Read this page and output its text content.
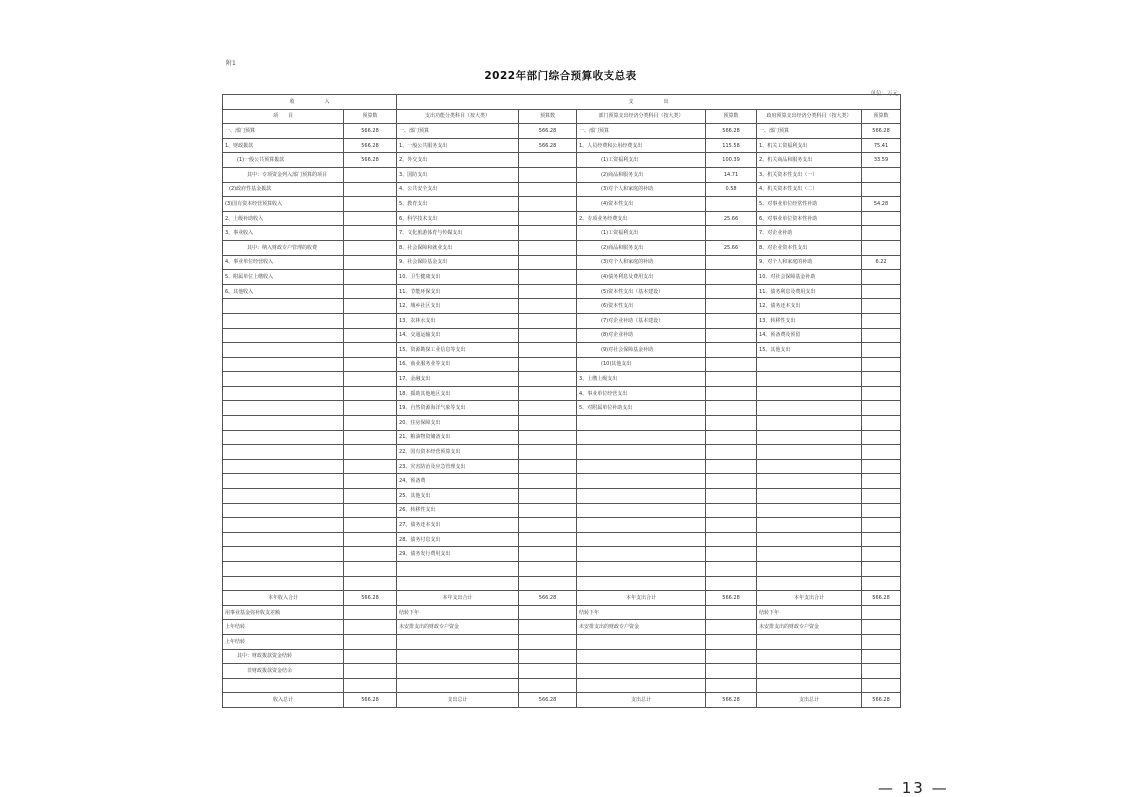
附1
2022年部门综合预算收支总表
单位：万元
收　　　　　　入		支　　　　　　出					
项　　目	预算数	支出功能分类科目（按大类）	预算数	部门预算支出经济分类科目（按大类）	预算数	政府预算支出经济分类科目（按大类）	预算数
一、部门预算	566.28	一、部门预算	566.28	一、部门预算	566.28	一、部门预算	566.28
1、财政拨款	566.28	1、一般公共服务支出	566.28	1、人员经费和公用经费支出	115.58	1、机关工资福利支出	75.41
(1)一般公共预算拨款	566.28	2、外交支出		(1)工资福利支出	100.39	2、机关商品和服务支出	33.59
其中：专项资金列入部门预算的项目		3、国防支出		(2)商品和服务支出	14.71	3、机关资本性支出（一）	
(2)政府性基金拨款		4、公共安全支出		(3)对个人和家庭的补助	0.58	4、机关资本性支出（二）	
(3)国有资本经营预算收入		5、教育支出		(4)资本性支出		5、对事业单位经常性补助	54.28
2、上级补助收入		6、科学技术支出		2、专项业务经费支出	25.66	6、对事业单位资本性补助	
3、事业收入		7、文化旅游体育与传媒支出		(1)工资福利支出		7、对企业补助	
其中：纳入财政专户管理的收费		8、社会保障和就业支出		(2)商品和服务支出	25.66	8、对企业资本性支出	
4、事业单位经营收入		9、社会保险基金支出		(3)对个人和家庭的补助		9、对个人和家庭的补助	6.22
5、附属单位上缴收入		10、卫生健康支出		(4)债务利息及费用支出		10、对社会保障基金补助	
6、其他收入		11、节能环保支出		(5)资本性支出（基本建设）		11、债务利息及费用支出	
		12、城乡社区支出		(6)资本性支出		12、债务还本支出	
		13、农林水支出		(7)对企业补助（基本建设）		13、转移性支出	
		14、交通运输支出		(8)对企业补助		14、预备费及预留	
		15、资源勘探工业信息等支出		(9)对社会保障基金补助		15、其他支出	
		16、商业服务业等支出		(10)其他支出			
		17、金融支出		3、上缴上级支出			
		18、援助其他地区支出		4、事业单位经营支出			
		19、自然资源海洋气象等支出		5、对附属单位补助支出			
		20、住房保障支出					
		21、粮油物资储备支出					
		22、国有资本经营预算支出					
		23、灾害防治及应急管理支出					
		24、预备费					
		25、其他支出					
		26、转移性支出					
		27、债务还本支出					
		28、债务付息支出					
		29、债务发行费用支出					

本年收入合计	566.28	本年支出合计	566.28	本年支出合计	566.28	本年支出合计	566.28
用事业基金弥补收支差额		结转下年		结转下年		结转下年	
上年结转		未安排支出的财政专户资金		未安排支出的财政专户资金		未安排支出的财政专户资金	
上年结转							
其中：财政拨款资金结转							
非财政拨款资金结余							

收入总计	566.28	支出总计	566.28	支出总计	566.28	支出总计	566.28
— 13 —
